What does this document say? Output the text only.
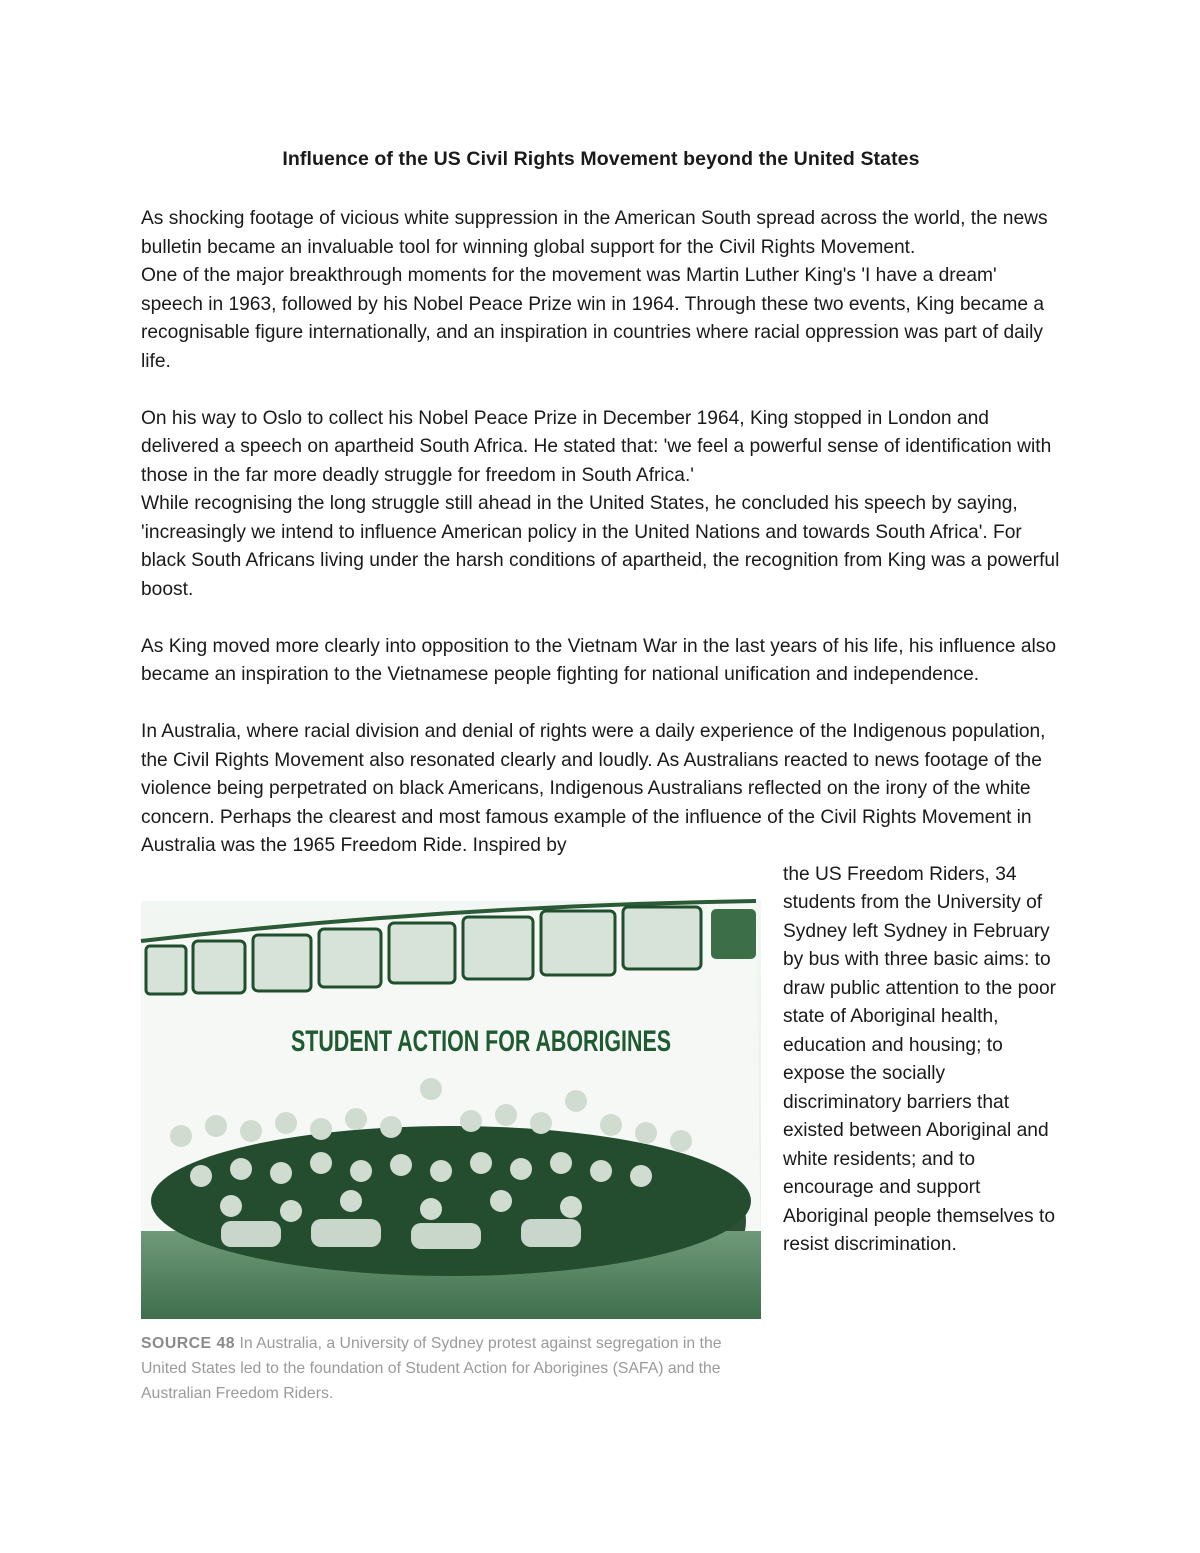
Influence of the US Civil Rights Movement beyond the United States

As shocking footage of vicious white suppression in the American South spread across the world, the news bulletin became an invaluable tool for winning global support for the Civil Rights Movement.

One of the major breakthrough moments for the movement was Martin Luther King's 'I have a dream' speech in 1963, followed by his Nobel Peace Prize win in 1964. Through these two events, King became a recognisable figure internationally, and an inspiration in countries where racial oppression was part of daily life.

On his way to Oslo to collect his Nobel Peace Prize in December 1964, King stopped in London and delivered a speech on apartheid South Africa. He stated that: 'we feel a powerful sense of identification with those in the far more deadly struggle for freedom in South Africa.'

While recognising the long struggle still ahead in the United States, he concluded his speech by saying, 'increasingly we intend to influence American policy in the United Nations and towards South Africa'. For black South Africans living under the harsh conditions of apartheid, the recognition from King was a powerful boost.

As King moved more clearly into opposition to the Vietnam War in the last years of his life, his influence also became an inspiration to the Vietnamese people fighting for national unification and independence.

In Australia, where racial division and denial of rights were a daily experience of the Indigenous population, the Civil Rights Movement also resonated clearly and loudly. As Australians reacted to news footage of the violence being perpetrated on black Americans, Indigenous Australians reflected on the irony of the white concern. Perhaps the clearest and most famous example of the influence of the Civil Rights Movement in Australia was the 1965 Freedom Ride. Inspired by

STUDENT ACTION FOR ABORIGINES
SOURCE 48 In Australia, a University of Sydney protest against segregation in the United States led to the foundation of Student Action for Aborigines (SAFA) and the Australian Freedom Riders.
the US Freedom Riders, 34 students from the University of Sydney left Sydney in February by bus with three basic aims: to draw public attention to the poor state of Aboriginal health, education and housing; to expose the socially discriminatory barriers that existed between Aboriginal and white residents; and to encourage and support Aboriginal people themselves to resist discrimination.
